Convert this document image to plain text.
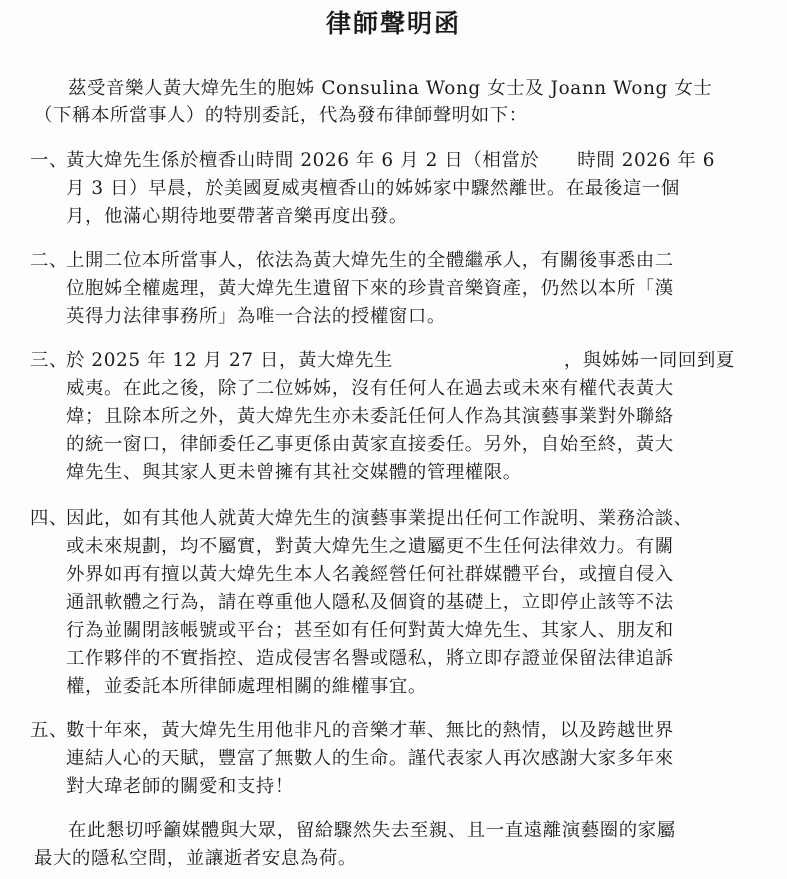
律師聲明函
茲受音樂人黃大煒先生的胞姊 Consulina Wong 女士及 Joann Wong 女士
（下稱本所當事人）的特別委託，代為發布律師聲明如下：
一、
黃大煒先生係於檀香山時間 2026 年 6 月 2 日（相當於　　時間 2026 年 6
月 3 日）早晨，於美國夏威夷檀香山的姊姊家中驟然離世。在最後這一個
月，他滿心期待地要帶著音樂再度出發。
二、
上開二位本所當事人，依法為黃大煒先生的全體繼承人，有關後事悉由二
位胞姊全權處理，黃大煒先生遺留下來的珍貴音樂資產，仍然以本所「漢
英得力法律事務所」為唯一合法的授權窗口。
三、
於 2025 年 12 月 27 日，黃大煒先生　　　　　　　　　，與姊姊一同回到夏
威夷。在此之後，除了二位姊姊，沒有任何人在過去或未來有權代表黃大
煒；且除本所之外，黃大煒先生亦未委託任何人作為其演藝事業對外聯絡
的統一窗口，律師委任乙事更係由黃家直接委任。另外，自始至終，黃大
煒先生、與其家人更未曾擁有其社交媒體的管理權限。
四、
因此，如有其他人就黃大煒先生的演藝事業提出任何工作說明、業務洽談、
或未來規劃，均不屬實，對黃大煒先生之遺屬更不生任何法律效力。有關
外界如再有擅以黃大煒先生本人名義經營任何社群媒體平台，或擅自侵入
通訊軟體之行為，請在尊重他人隱私及個資的基礎上，立即停止該等不法
行為並關閉該帳號或平台；甚至如有任何對黃大煒先生、其家人、朋友和
工作夥伴的不實指控、造成侵害名譽或隱私，將立即存證並保留法律追訴
權，並委託本所律師處理相關的維權事宜。
五、
數十年來，黃大煒先生用他非凡的音樂才華、無比的熱情，以及跨越世界
連結人心的天賦，豐富了無數人的生命。謹代表家人再次感謝大家多年來
對大瑋老師的關愛和支持！
在此懇切呼籲媒體與大眾，留給驟然失去至親、且一直遠離演藝圈的家屬
最大的隱私空間，並讓逝者安息為荷。
